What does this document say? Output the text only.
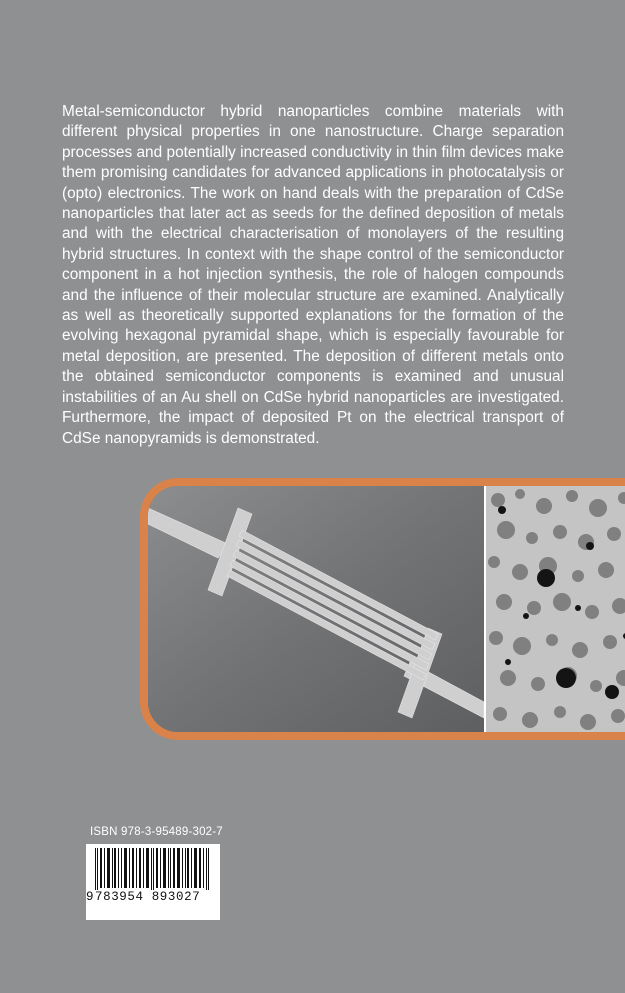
Metal-semiconductor hybrid nanoparticles combine materials with different physical properties in one nanostructure. Charge separation processes and potentially increased conductivity in thin film devices make them promising candidates for advanced applications in photocatalysis or (opto) electronics. The work on hand deals with the preparation of CdSe nanoparticles that later act as seeds for the defined deposition of metals and with the electrical characterisation of monolayers of the resulting hybrid structures. In context with the shape control of the semiconductor component in a hot injection synthesis, the role of halogen compounds and the influence of their molecular structure are examined. Analytically as well as theoretically supported explanations for the formation of the evolving hexagonal pyramidal shape, which is especially favourable for metal deposition, are presented. The deposition of different metals onto the obtained semiconductor components is examined and unusual instabilities of an Au shell on CdSe hybrid nanoparticles are investigated. Furthermore, the impact of deposited Pt on the electrical transport of CdSe nanopyramids is demonstrated.

ISBN 978-3-95489-302-7
9 783954 893027
